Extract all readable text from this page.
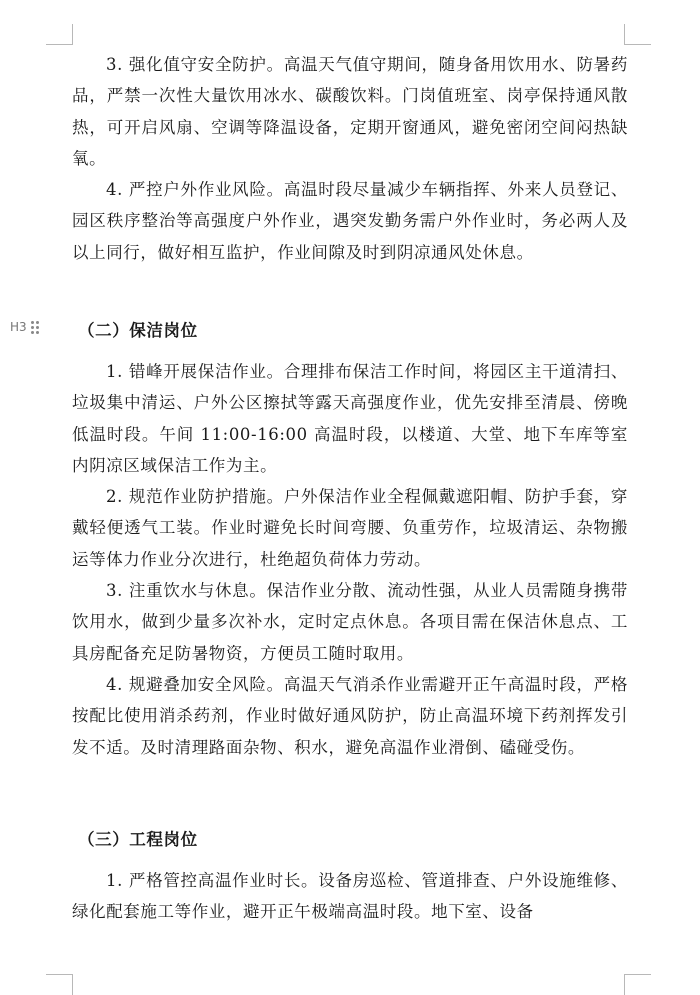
H3

3. 强化值守安全防护。高温天气值守期间，随身备用饮用水、防暑药品，严禁一次性大量饮用冰水、碳酸饮料。门岗值班室、岗亭保持通风散热，可开启风扇、空调等降温设备，定期开窗通风，避免密闭空间闷热缺氧。

4. 严控户外作业风险。高温时段尽量减少车辆指挥、外来人员登记、园区秩序整治等高强度户外作业，遇突发勤务需户外作业时，务必两人及以上同行，做好相互监护，作业间隙及时到阴凉通风处休息。

（二）保洁岗位

1. 错峰开展保洁作业。合理排布保洁工作时间，将园区主干道清扫、垃圾集中清运、户外公区擦拭等露天高强度作业，优先安排至清晨、傍晚低温时段。午间 11:00-16:00 高温时段，以楼道、大堂、地下车库等室内阴凉区域保洁工作为主。

2. 规范作业防护措施。户外保洁作业全程佩戴遮阳帽、防护手套，穿戴轻便透气工装。作业时避免长时间弯腰、负重劳作，垃圾清运、杂物搬运等体力作业分次进行，杜绝超负荷体力劳动。

3. 注重饮水与休息。保洁作业分散、流动性强，从业人员需随身携带饮用水，做到少量多次补水，定时定点休息。各项目需在保洁休息点、工具房配备充足防暑物资，方便员工随时取用。

4. 规避叠加安全风险。高温天气消杀作业需避开正午高温时段，严格按配比使用消杀药剂，作业时做好通风防护，防止高温环境下药剂挥发引发不适。及时清理路面杂物、积水，避免高温作业滑倒、磕碰受伤。

（三）工程岗位

1. 严格管控高温作业时长。设备房巡检、管道排查、户外设施维修、绿化配套施工等作业，避开正午极端高温时段。地下室、设备
